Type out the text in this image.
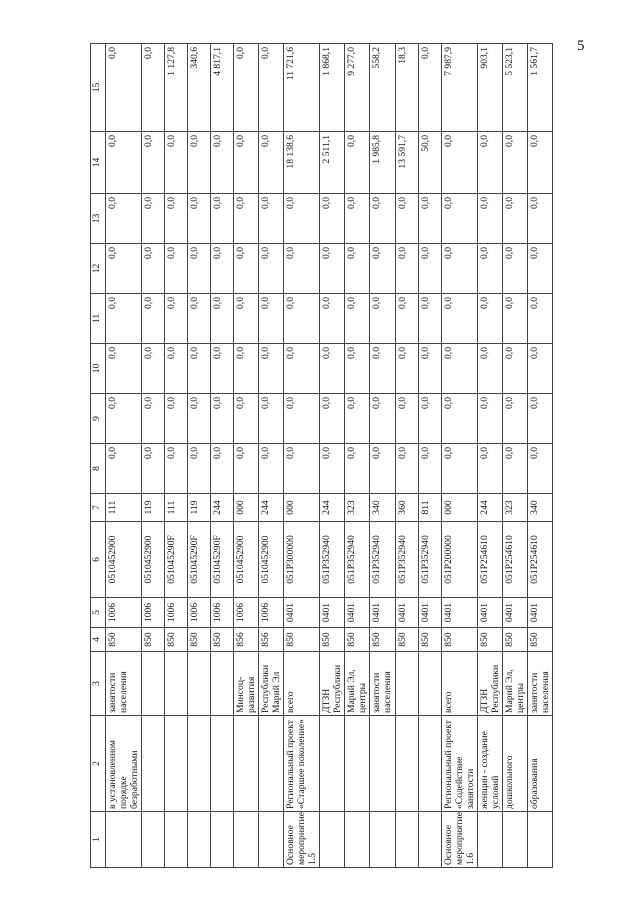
5
1	2	3	4	5	6	7	8	9	10	11	12	13	14	15
	в установленном порядке безработными	занятости населения	850	1006	0510452900	111	0,0	0,0	0,0	0,0	0,0	0,0	0,0	0,0
			850	1006	0510452900	119	0,0	0,0	0,0	0,0	0,0	0,0	0,0	0,0
			850	1006	051045290F	111	0,0	0,0	0,0	0,0	0,0	0,0	0,0	1 127,8
			850	1006	051045290F	119	0,0	0,0	0,0	0,0	0,0	0,0	0,0	340,6
			850	1006	051045290F	244	0,0	0,0	0,0	0,0	0,0	0,0	0,0	4 817,1
		Минсоц-развития	856	1006	0510452900	000	0,0	0,0	0,0	0,0	0,0	0,0	0,0	0,0
		Республики Марий Эл	856	1006	0510452900	244	0,0	0,0	0,0	0,0	0,0	0,0	0,0	0,0
Основное мероприятие 1.5	Региональный проект «Старшее поколение»	всего	850	0401	051P300000	000	0,0	0,0	0,0	0,0	0,0	0,0	18 138,6	11 721,6
		ДТЗН Республики	850	0401	051P352940	244	0,0	0,0	0,0	0,0	0,0	0,0	2 511,1	1 868,1
		Марий Эл, центры	850	0401	051P352940	323	0,0	0,0	0,0	0,0	0,0	0,0	0,0	9 277,0
		занятости населения	850	0401	051P352940	340	0,0	0,0	0,0	0,0	0,0	0,0	1 985,8	558,2
			850	0401	051P352940	360	0,0	0,0	0,0	0,0	0,0	0,0	13 591,7	18,3
			850	0401	051P352940	811	0,0	0,0	0,0	0,0	0,0	0,0	50,0	0,0
Основное мероприятие 1.6	Региональный проект «Содействие занятости	всего	850	0401	051P200000	000	0,0	0,0	0,0	0,0	0,0	0,0	0,0	7 987,9
	женщин - создание условий	ДТЗН Республики	850	0401	051P254610	244	0,0	0,0	0,0	0,0	0,0	0,0	0,0	903,1
	дошкольного	Марий Эл, центры	850	0401	051P254610	323	0,0	0,0	0,0	0,0	0,0	0,0	0,0	5 523,1
	образования	занятости населения	850	0401	051P254610	340	0,0	0,0	0,0	0,0	0,0	0,0	0,0	1 561,7
